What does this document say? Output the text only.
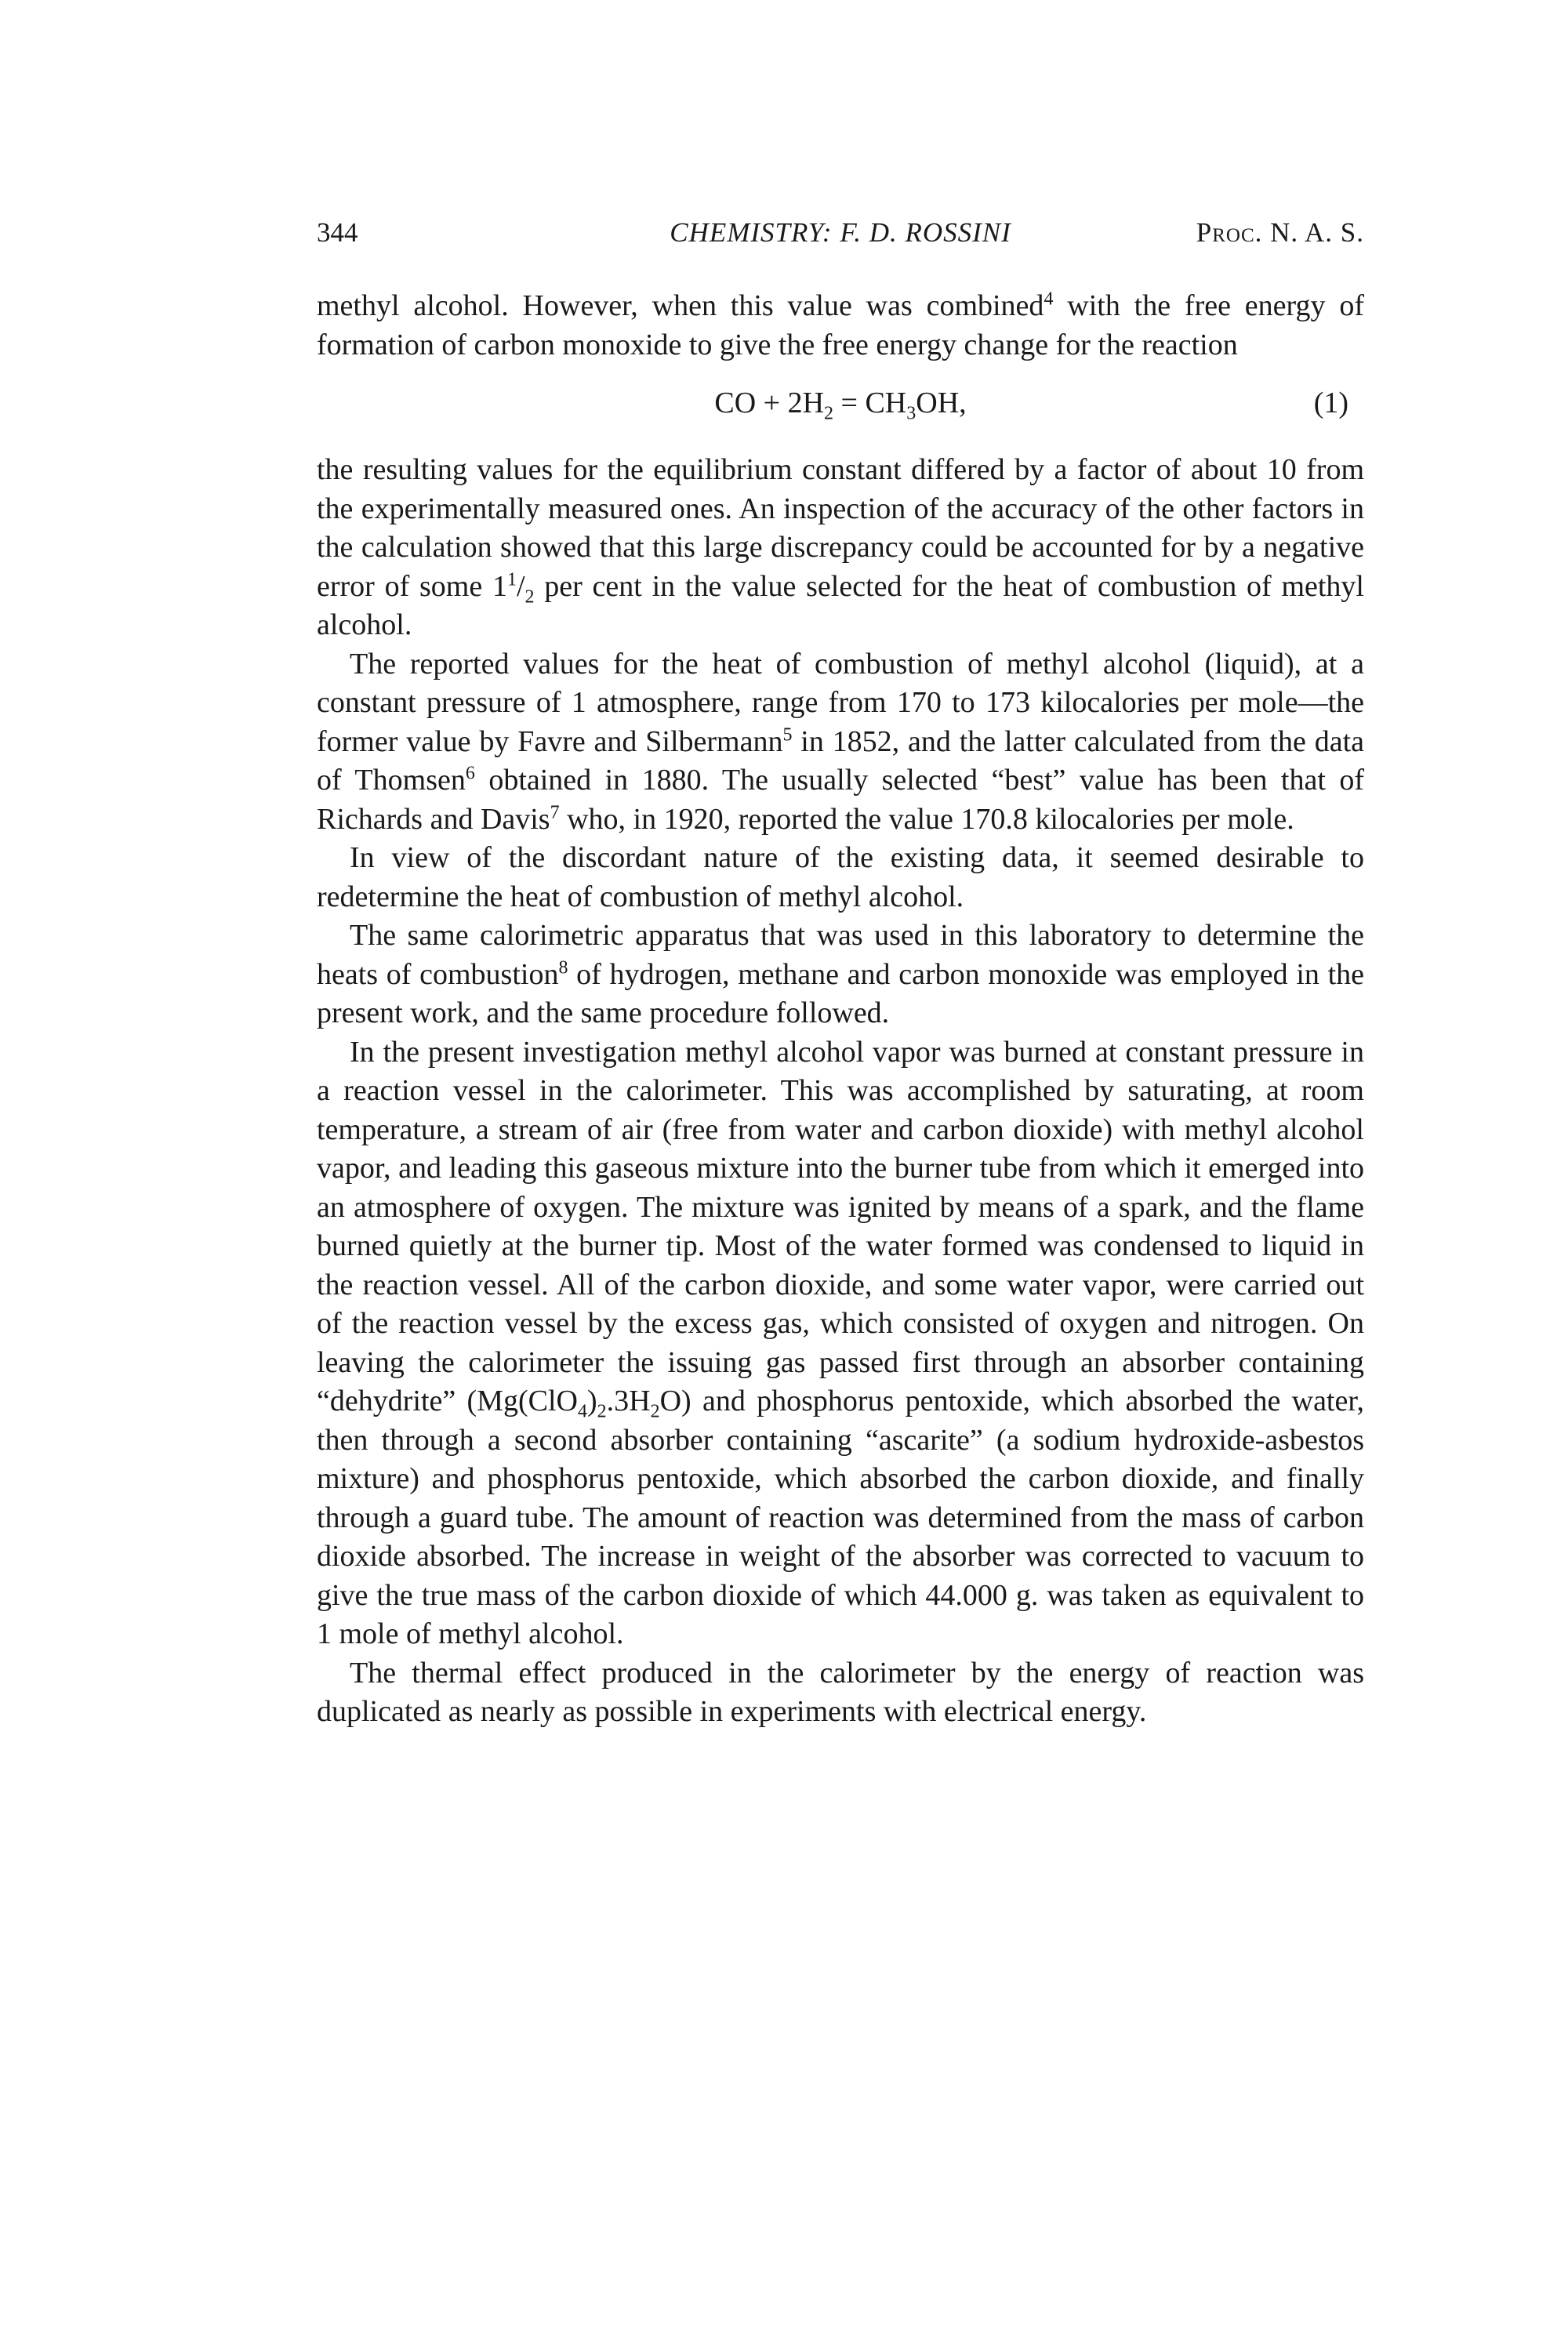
344	CHEMISTRY: F. D. ROSSINI	Proc. N. A. S.

methyl alcohol. However, when this value was combined$^4$ with the free energy of formation of carbon monoxide to give the free energy change for the reaction

CO + $2H_2 = CH_3OH$,	(1)

the resulting values for the equilibrium constant differed by a factor of about 10 from the experimentally measured ones. An inspection of the accuracy of the other factors in the calculation showed that this large discrepancy could be accounted for by a negative error of some $1^1/_2$ per cent in the value selected for the heat of combustion of methyl alcohol.

The reported values for the heat of combustion of methyl alcohol (liquid), at a constant pressure of 1 atmosphere, range from 170 to 173 kilocalories per mole—the former value by Favre and Silbermann$^5$ in 1852, and the latter calculated from the data of Thomsen$^6$ obtained in 1880. The usually selected “best” value has been that of Richards and Davis$^7$ who, in 1920, reported the value 170.8 kilocalories per mole.

In view of the discordant nature of the existing data, it seemed desirable to redetermine the heat of combustion of methyl alcohol.

The same calorimetric apparatus that was used in this laboratory to determine the heats of combustion$^8$ of hydrogen, methane and carbon monoxide was employed in the present work, and the same procedure followed.

In the present investigation methyl alcohol vapor was burned at constant pressure in a reaction vessel in the calorimeter. This was accomplished by saturating, at room temperature, a stream of air (free from water and carbon dioxide) with methyl alcohol vapor, and leading this gaseous mixture into the burner tube from which it emerged into an atmosphere of oxygen. The mixture was ignited by means of a spark, and the flame burned quietly at the burner tip. Most of the water formed was condensed to liquid in the reaction vessel. All of the carbon dioxide, and some water vapor, were carried out of the reaction vessel by the excess gas, which consisted of oxygen and nitrogen. On leaving the calorimeter the issuing gas passed first through an absorber containing “dehydrite” $(Mg(ClO_4)_2.3H_2O)$ and phosphorus pentoxide, which absorbed the water, then through a second absorber containing “ascarite” (a sodium hydroxide-asbestos mixture) and phosphorus pentoxide, which absorbed the carbon dioxide, and finally through a guard tube. The amount of reaction was determined from the mass of carbon dioxide absorbed. The increase in weight of the absorber was corrected to vacuum to give the true mass of the carbon dioxide of which 44.000 g. was taken as equivalent to 1 mole of methyl alcohol.

The thermal effect produced in the calorimeter by the energy of reaction was duplicated as nearly as possible in experiments with electrical energy.
